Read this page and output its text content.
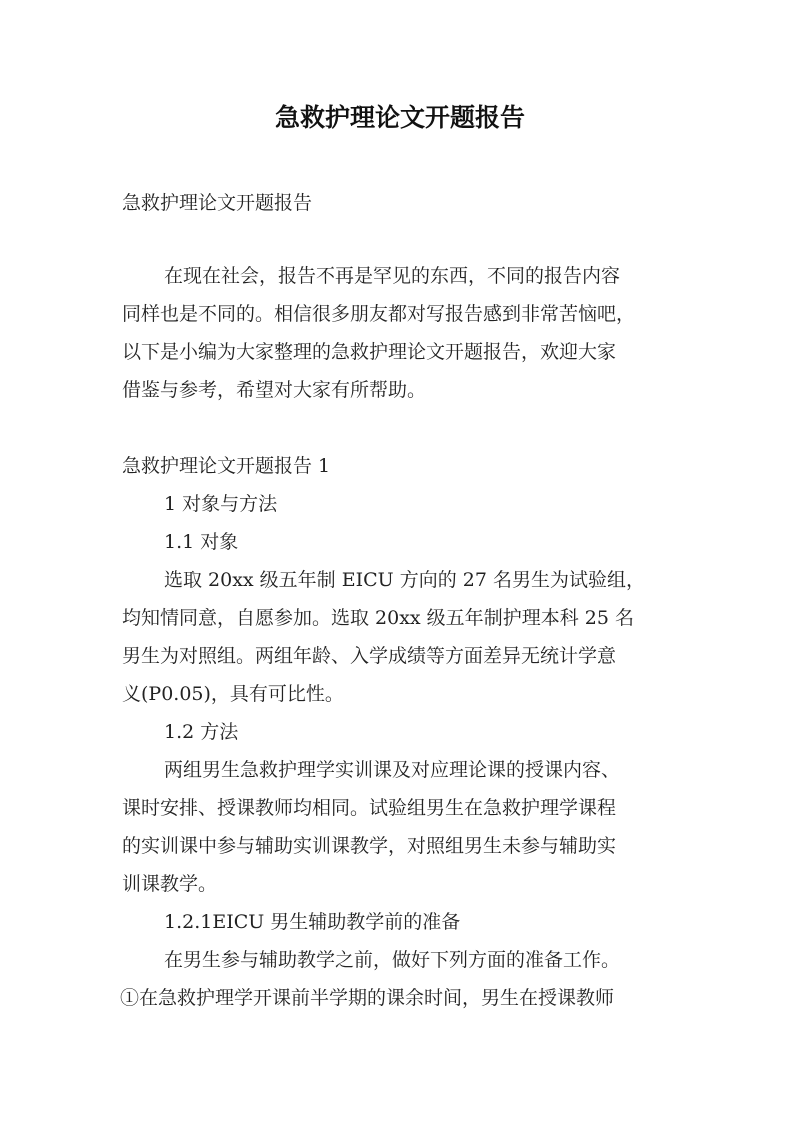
急救护理论文开题报告

急救护理论文开题报告

在现在社会，报告不再是罕见的东西，不同的报告内容

同样也是不同的。相信很多朋友都对写报告感到非常苦恼吧，

以下是小编为大家整理的急救护理论文开题报告，欢迎大家

借鉴与参考，希望对大家有所帮助。

急救护理论文开题报告 1

1 对象与方法

1.1 对象

选取 20xx 级五年制 EICU 方向的 27 名男生为试验组，

均知情同意，自愿参加。选取 20xx 级五年制护理本科 25 名

男生为对照组。两组年龄、入学成绩等方面差异无统计学意

义(P0.05)，具有可比性。

1.2 方法

两组男生急救护理学实训课及对应理论课的授课内容、

课时安排、授课教师均相同。试验组男生在急救护理学课程

的实训课中参与辅助实训课教学，对照组男生未参与辅助实

训课教学。

1.2.1EICU 男生辅助教学前的准备

在男生参与辅助教学之前，做好下列方面的准备工作。

①在急救护理学开课前半学期的课余时间，男生在授课教师
